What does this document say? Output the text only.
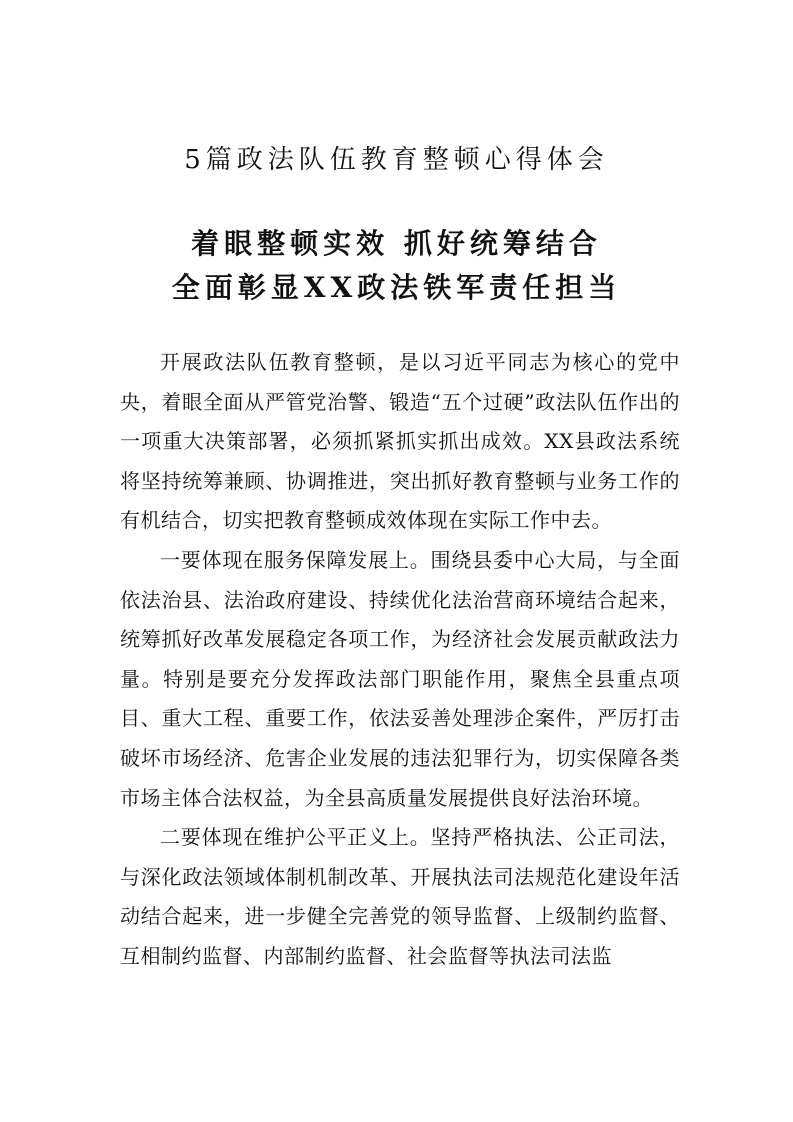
5篇政法队伍教育整顿心得体会
着眼整顿实效 抓好统筹结合
全面彰显XX政法铁军责任担当

开展政法队伍教育整顿，是以习近平同志为核心的党中央，着眼全面从严管党治警、锻造“五个过硬”政法队伍作出的一项重大决策部署，必须抓紧抓实抓出成效。XX县政法系统将坚持统筹兼顾、协调推进，突出抓好教育整顿与业务工作的有机结合，切实把教育整顿成效体现在实际工作中去。

一要体现在服务保障发展上。围绕县委中心大局，与全面依法治县、法治政府建设、持续优化法治营商环境结合起来，统筹抓好改革发展稳定各项工作，为经济社会发展贡献政法力量。特别是要充分发挥政法部门职能作用，聚焦全县重点项目、重大工程、重要工作，依法妥善处理涉企案件，严厉打击破坏市场经济、危害企业发展的违法犯罪行为，切实保障各类市场主体合法权益，为全县高质量发展提供良好法治环境。

二要体现在维护公平正义上。坚持严格执法、公正司法，与深化政法领域体制机制改革、开展执法司法规范化建设年活动结合起来，进一步健全完善党的领导监督、上级制约监督、互相制约监督、内部制约监督、社会监督等执法司法监
